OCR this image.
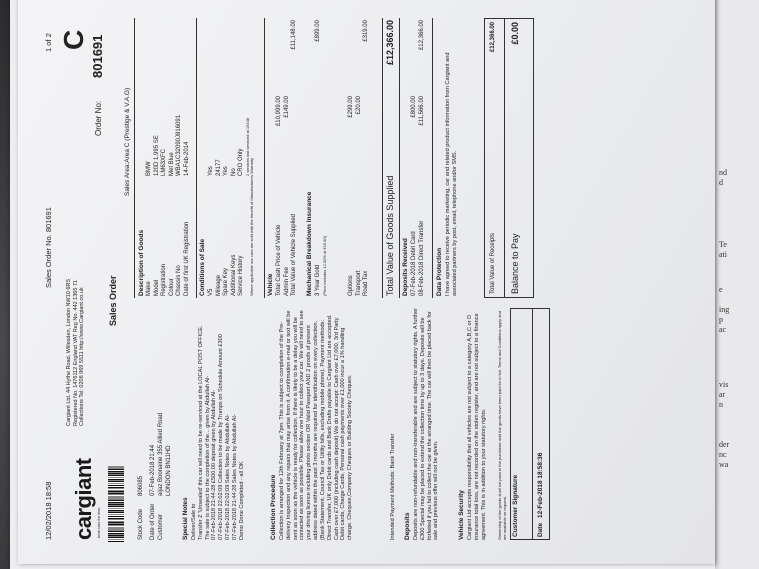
nd
d
Te
ati
e
ing
p
ac
vis
ar
n
der
nc
wa
12/02/2018 18:58
Sales Order No. 801691
1 of 2
cargiant best cars for less
Cargiant Ltd. 44 Hythe Road, Willesden, London NW10 6RS Registered No. 1476112 England VAT Reg No. 442 1365 71 Collections Tel: 0208 969 5511 http://www.Cargiant.co.uk	Sales Order
C 801691
Order No:	Sales Area:Area C (Prestige & V.A.G)
Stock Code
806085
Date of Order
07-Feb-2018 21:44
Customer
aijaz Boonaine 355 Allied Road LONDON BN11HD
Special Notes Deliver/Sale to Transfer Z 'Unsealed' this car will need to be re-serviced at the LOCAL POST OFFICE. The sale is subject to the completion of the... given by Abdullah Al- 07-Feb-2018 21:44:28 £500.00 deposit given by Abdullah Al- 07-Feb-2018 22:02:09 Collection to be made by Trumps on Schedule Amount £300 07-Feb-2018 22:02:09 Sales Notes by Abdullah Al- 07-Feb-2018 21:44:28 Sales Notes by Abdullah Al- Demo Done Completed - all OK	Collection Procedure Collection is arranged for 12th February at 7pm. This is subject to completion of the Pre-delivery Inspection and any repairs that may arise from it. A confirmation e-mail or text will be sent as soon as the vehicle is ready for collection. If there is likely to be a delay you will be contacted as soon as possible. Please allow one hour to collect your car. We will need to see your driving licence including photo section OR Valid Passport AND 2 proofs of present address dated within the past 3 months are required for identification on every collection. (Bank Statement, Council Tax or Utility bills, excluding mobile phone). Payment methods: Direct Transfer, UK only Debit cards and Bank Drafts payable to Cargiant Ltd are accepted. Cash over £7,000 (including cash deposit) We do not accept: Cash over £7,000, 3rd Party Debit cards, Charge Cards, Personal cash payments over £1,000 incur a 1% handling charge. Cheques,Company Cheques or Building Society Cheques.	Intended Payment Methods: Bank Transfer Deposits Deposits are non-refundable and non-transferable and are subject to statutory rights. A further £300 Special may be placed to extend the collection time by up to 3 days. Deposits will be forfeited if you fail to collect the car at the arranged time. The car will then be placed back for sale and previous offer will not be given.	Vehicle Security Cargiant Ltd accepts responsibility that all vehicles are not subject to a category A,B,C or D insurance total loss, are not recorded on the stolen register, and are not subject to a finance agreement. This is in addition to your statutory rights.	Ownership of the goods shall not pass to the purchaser until the goods have been paid for in full. Terms and Conditions apply and are available on request. Customer Signature	Date
12-Feb-2018 18:58:36
Description of Goods Make
BMW
Model
120D 1.995 SE
Registration
LM63XFC
Colour
Met Blue
Chassis No
WBA1C32090J816091
Date of first UK Registration
14-Feb-2014
Conditions of Sale V5
Yes
Mileage
24177
Spare Key
Yes
Additional Keys
No
Service History
CRO Only 2 services last serviced at 19108
Where applicable our cars are sold with the benefit of Manufacturers Warranty Vehicle Total Cash Price of Vehicle
£10,999.00
Admin Fee
£149.00
Total Value of Vehicle Supplied
£11,148.00
Mechanical Breakdown Insurance 3 Year Gold
£899.00
(Price includes 12.00% of £19.80)	Options
£299.00
Transport
£20.00
Road Tax
£319.00
Total Value of Goods Supplied
£12,366.00
Deposits Received 07-Feb-2018 Debit Card
£800.00
08-Feb-2018 Direct Transfer
£11,566.00
£12,366.00
Data Protection I have agreed to receive periodic marketing, car and related product information from Cargiant and associated partners by post, email, telephone and/or SMS.	Total Value of Receipts
£12,366.00
Balance to Pay
£0.00
